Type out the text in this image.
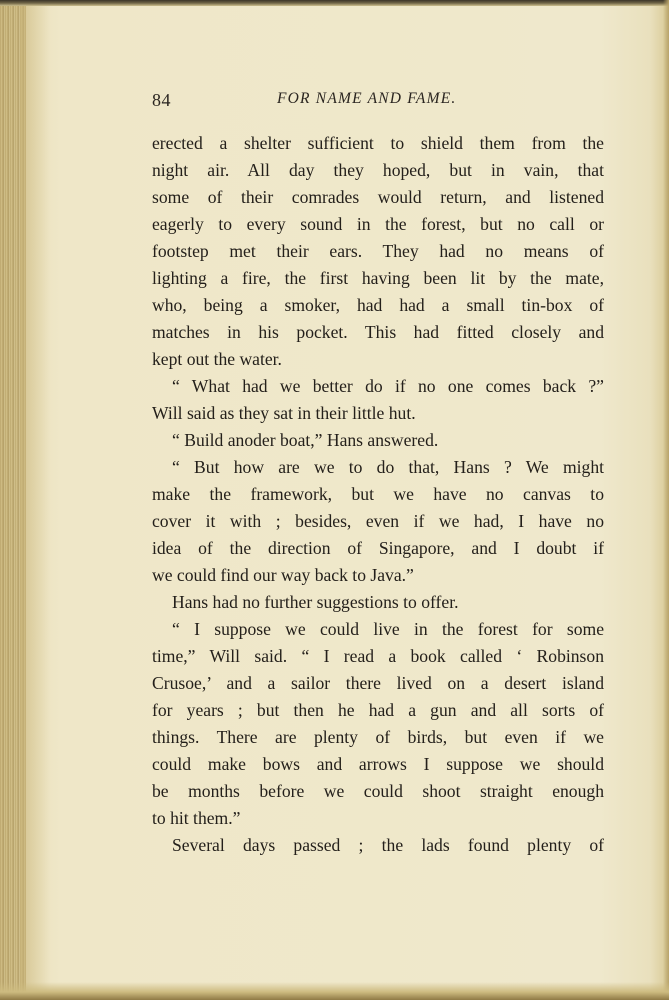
84	FOR NAME AND FAME.
erected a shelter sufficient to shield them from the
night air. All day they hoped, but in vain, that
some of their comrades would return, and listened
eagerly to every sound in the forest, but no call or
footstep met their ears. They had no means of
lighting a fire, the first having been lit by the mate,
who, being a smoker, had had a small tin-box of
matches in his pocket. This had fitted closely and
kept out the water.
“ What had we better do if no one comes back ?”
Will said as they sat in their little hut.
“ Build anoder boat,” Hans answered.
“ But how are we to do that, Hans ? We might
make the framework, but we have no canvas to
cover it with ; besides, even if we had, I have no
idea of the direction of Singapore, and I doubt if
we could find our way back to Java.”
Hans had no further suggestions to offer.
“ I suppose we could live in the forest for some
time,” Will said. “ I read a book called ‘ Robinson
Crusoe,’ and a sailor there lived on a desert island
for years ; but then he had a gun and all sorts of
things. There are plenty of birds, but even if we
could make bows and arrows I suppose we should
be months before we could shoot straight enough
to hit them.”
Several days passed ; the lads found plenty of
